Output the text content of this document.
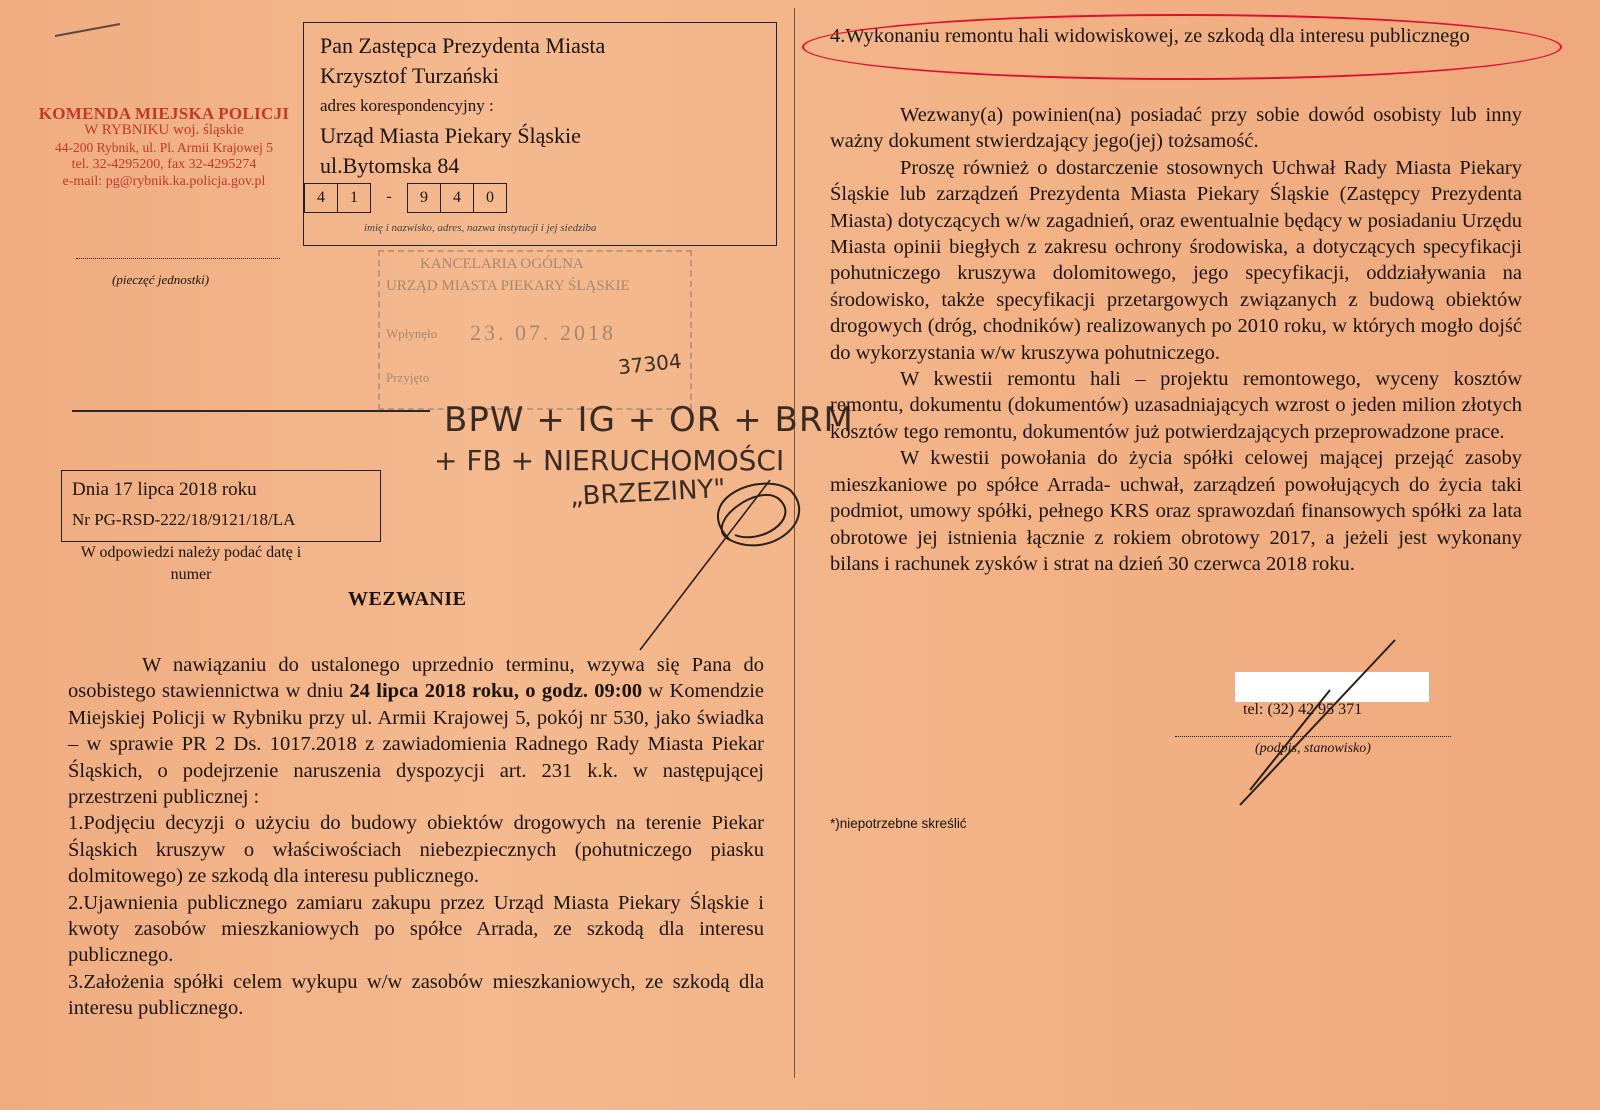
KOMENDA MIEJSKA POLICJI
W RYBNIKU woj. śląskie
44-200 Rybnik, ul. Pl. Armii Krajowej 5
tel. 32-4295200, fax 32-4295274
e-mail: pg@rybnik.ka.policja.gov.pl
(pieczęć jednostki)
Pan Zastępca Prezydenta Miasta
Krzysztof Turzański
adres korespondencyjny :
Urząd Miasta Piekary Śląskie
ul.Bytomska 84
4	1	-	9	4	0
imię i nazwisko, adres, nazwa instytucji i jej siedziba
KANCELARIA OGÓLNA
URZĄD MIASTA PIEKARY ŚLĄSKIE
Wpłynęło 23. 07. 2018
Przyjęto	37304
BPW + IG + OR + BRM
+ FB + NIERUCHOMOŚCI
„BRZEZINY"
Dnia 17 lipca 2018 roku
Nr PG-RSD-222/18/9121/18/LA
W odpowiedzi należy podać datę i numer
WEZWANIE

W nawiązaniu do ustalonego uprzednio terminu, wzywa się Pana do osobistego stawiennictwa w dniu 24 lipca 2018 roku, o godz. 09:00 w Komendzie Miejskiej Policji w Rybniku przy ul. Armii Krajowej 5, pokój nr 530, jako świadka – w sprawie PR 2 Ds. 1017.2018 z zawiadomienia Radnego Rady Miasta Piekar Śląskich, o podejrzenie naruszenia dyspozycji art. 231 k.k. w następującej przestrzeni publicznej :

1.Podjęciu decyzji o użyciu do budowy obiektów drogowych na terenie Piekar Śląskich kruszyw o właściwościach niebezpiecznych (pohutniczego piasku dolmitowego) ze szkodą dla interesu publicznego.

2.Ujawnienia publicznego zamiaru zakupu przez Urząd Miasta Piekary Śląskie i kwoty zasobów mieszkaniowych po spółce Arrada, ze szkodą dla interesu publicznego.

3.Założenia spółki celem wykupu w/w zasobów mieszkaniowych, ze szkodą dla interesu publicznego.

4.Wykonaniu remontu hali widowiskowej, ze szkodą dla interesu publicznego

Wezwany(a) powinien(na) posiadać przy sobie dowód osobisty lub inny ważny dokument stwierdzający jego(jej) tożsamość.

Proszę również o dostarczenie stosownych Uchwał Rady Miasta Piekary Śląskie lub zarządzeń Prezydenta Miasta Piekary Śląskie (Zastępcy Prezydenta Miasta) dotyczących w/w zagadnień, oraz ewentualnie będący w posiadaniu Urzędu Miasta opinii biegłych z zakresu ochrony środowiska, a dotyczących specyfikacji pohutniczego kruszywa dolomitowego, jego specyfikacji, oddziaływania na środowisko, także specyfikacji przetargowych związanych z budową obiektów drogowych (dróg, chodników) realizowanych po 2010 roku, w których mogło dojść do wykorzystania w/w kruszywa pohutniczego.

W kwestii remontu hali – projektu remontowego, wyceny kosztów remontu, dokumentu (dokumentów) uzasadniających wzrost o jeden milion złotych kosztów tego remontu, dokumentów już potwierdzających przeprowadzone prace.

W kwestii powołania do życia spółki celowej mającej przejąć zasoby mieszkaniowe po spółce Arrada- uchwał, zarządzeń powołujących do życia taki podmiot, umowy spółki, pełnego KRS oraz sprawozdań finansowych spółki za lata obrotowe jej istnienia łącznie z rokiem obrotowy 2017, a jeżeli jest wykonany bilans i rachunek zysków i strat na dzień 30 czerwca 2018 roku.

tel: (32) 42 95 371
(podpis, stanowisko)
*)niepotrzebne skreślić
